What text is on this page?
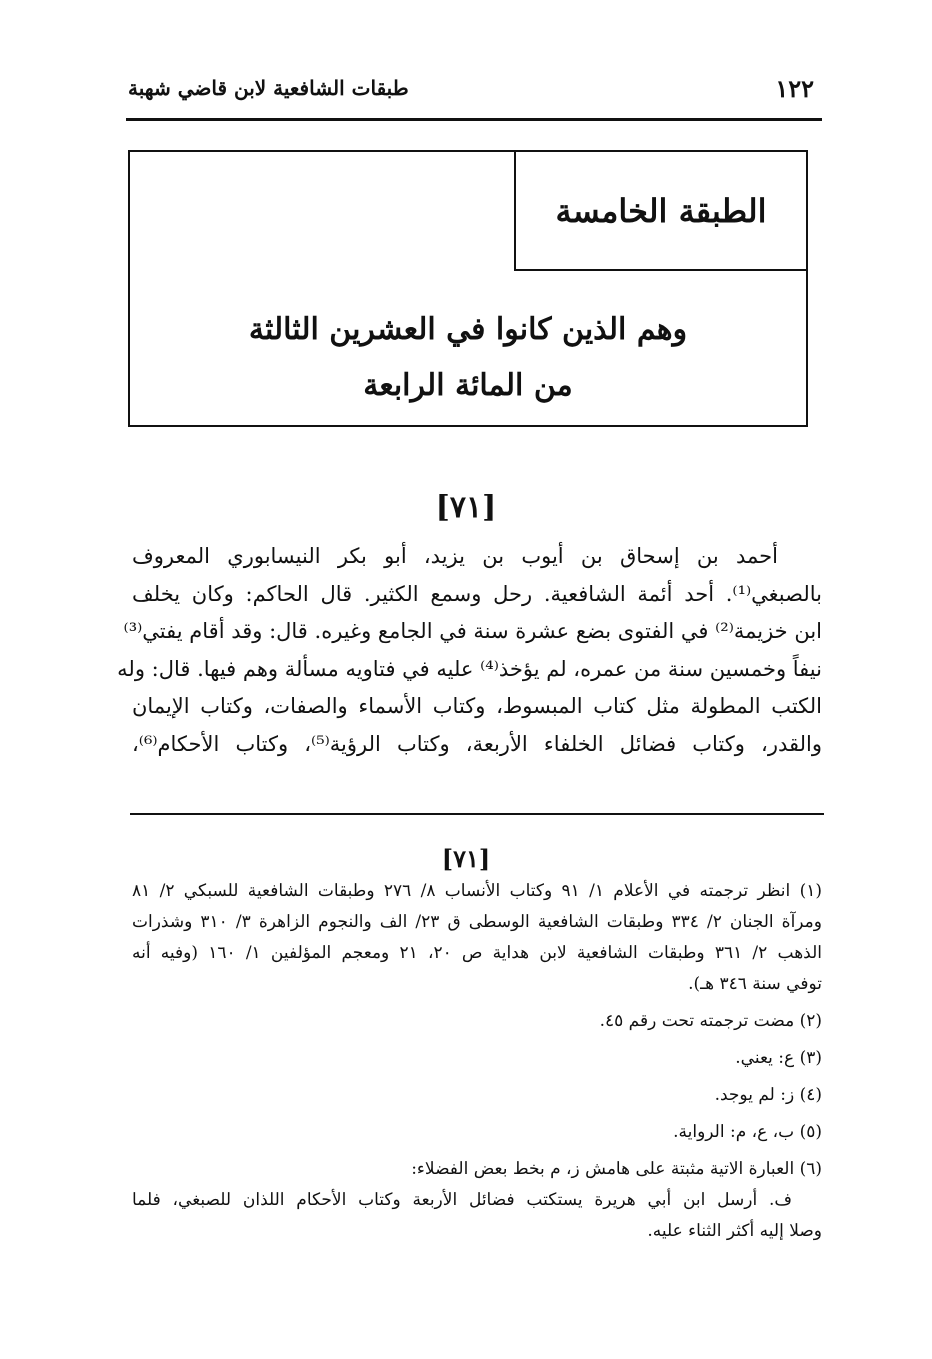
١٢٢
طبقات الشافعية لابن قاضي شهبة
الطبقة الخامسة
وهم الذين كانوا في العشرين الثالثة
من المائة الرابعة
[٧١]
أحمد بن إسحاق بن أيوب بن يزيد، أبو بكر النيسابوري المعروف
بالصبغي⁽¹⁾. أحد أئمة الشافعية. رحل وسمع الكثير. قال الحاكم: وكان يخلف
ابن خزيمة⁽²⁾ في الفتوى بضع عشرة سنة في الجامع وغيره. قال: وقد أقام يفتي⁽³⁾
نيفاً وخمسين سنة من عمره، لم يؤخذ⁽⁴⁾ عليه في فتاويه مسألة وهم فيها. قال: وله
الكتب المطولة مثل كتاب المبسوط، وكتاب الأسماء والصفات، وكتاب الإيمان
والقدر، وكتاب فضائل الخلفاء الأربعة، وكتاب الرؤية⁽⁵⁾، وكتاب الأحكام⁽⁶⁾،
[٧١]
(١) انظر ترجمته في الأعلام ١/ ٩١ وكتاب الأنساب ٨/ ٢٧٦ وطبقات الشافعية للسبكي ٢/ ٨١
ومرآة الجنان ٢/ ٣٣٤ وطبقات الشافعية الوسطى ق ٢٣/ الف والنجوم الزاهرة ٣/ ٣١٠ وشذرات
الذهب ٢/ ٣٦١ وطبقات الشافعية لابن هداية ص ٢٠، ٢١ ومعجم المؤلفين ١/ ١٦٠ (وفيه أنه
توفي سنة ٣٤٦ هـ).
(٢) مضت ترجمته تحت رقم ٤٥.
(٣) ع: يعني.
(٤) ز: لم يوجد.
(٥) ب، ع، م: الرواية.
(٦) العبارة الاتية مثبتة على هامش ز، م بخط بعض الفضلاء:
ف. أرسل ابن أبي هريرة يستكتب فضائل الأربعة وكتاب الأحكام اللذان للصبغي، فلما
وصلا إليه أكثر الثناء عليه.
